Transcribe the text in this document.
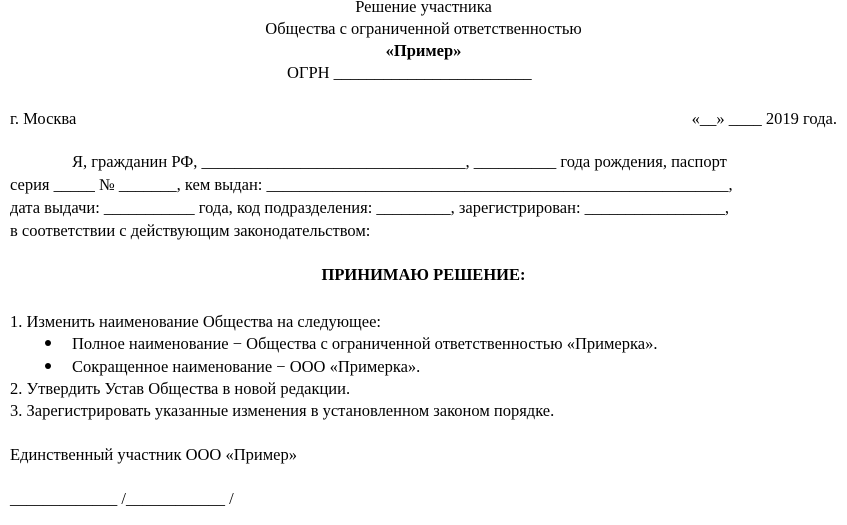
Решение участника
Общества с ограниченной ответственностью
«Пример»
ОГРН ________________________
г. Москва	«__» ____ 2019 года.
Я, гражданин РФ, ________________________________, __________ года рождения, паспорт
серия _____ № _______, кем выдан: ________________________________________________________,
дата выдачи: ___________ года, код подразделения: _________, зарегистрирован: _________________,
в соответствии с действующим законодательством:
ПРИНИМАЮ РЕШЕНИЕ:
1. Изменить наименование Общества на следующее:
Полное наименование − Общества с ограниченной ответственностью «Примерка».
Сокращенное наименование − ООО «Примерка».
2. Утвердить Устав Общества в новой редакции.
3. Зарегистрировать указанные изменения в установленном законом порядке.
Единственный участник ООО «Пример»
_____________ /____________ /
